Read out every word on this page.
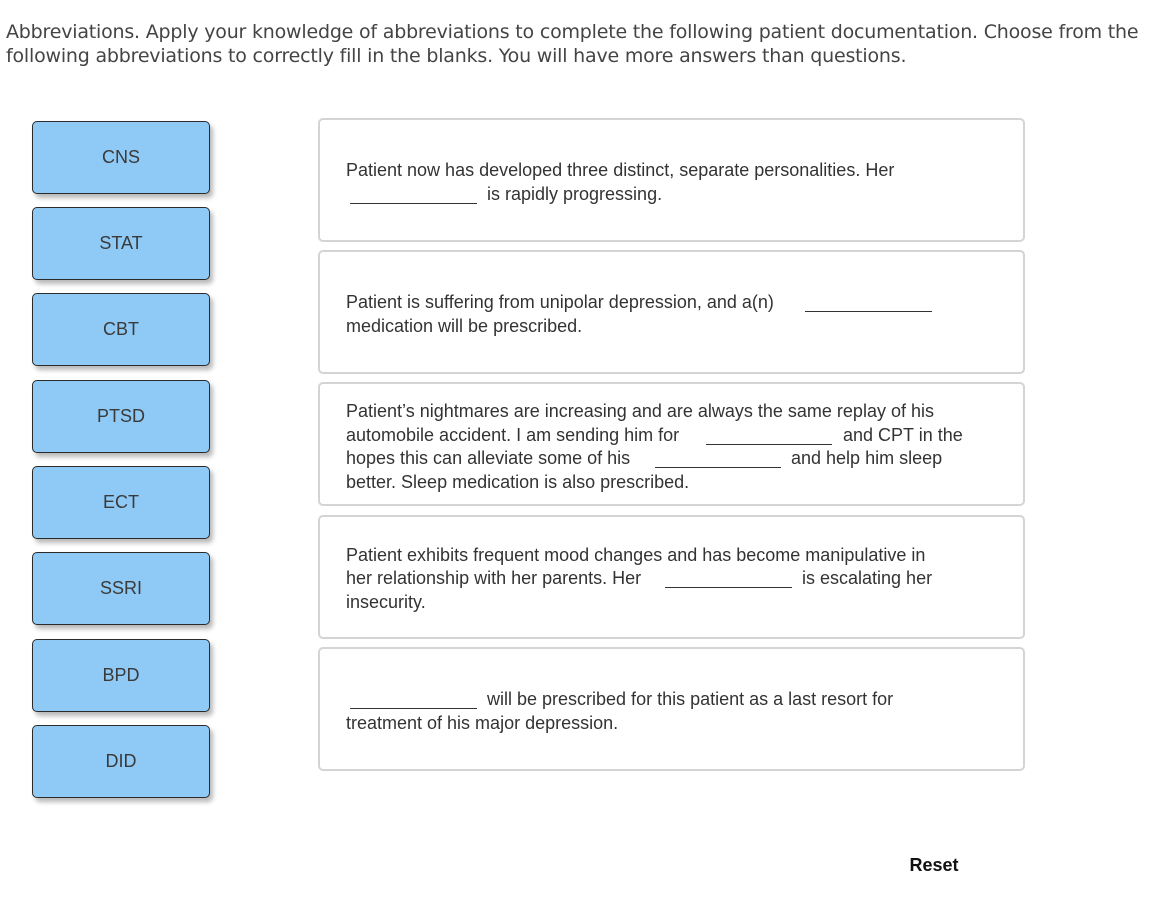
Abbreviations. Apply your knowledge of abbreviations to complete the following patient documentation. Choose from the following abbreviations to correctly fill in the blanks. You will have more answers than questions.
CNS
STAT
CBT
PTSD
ECT
SSRI
BPD
DID
Patient now has developed three distinct, separate personalities. Her
is rapidly progressing.
Patient is suffering from unipolar depression, and a(n)
medication will be prescribed.
Patient’s nightmares are increasing and are always the same replay of his
automobile accident. I am sending him for	and CPT in the
hopes this can alleviate some of his	and help him sleep
better. Sleep medication is also prescribed.
Patient exhibits frequent mood changes and has become manipulative in
her relationship with her parents. Her	is escalating her
insecurity.
will be prescribed for this patient as a last resort for
treatment of his major depression.
Reset
